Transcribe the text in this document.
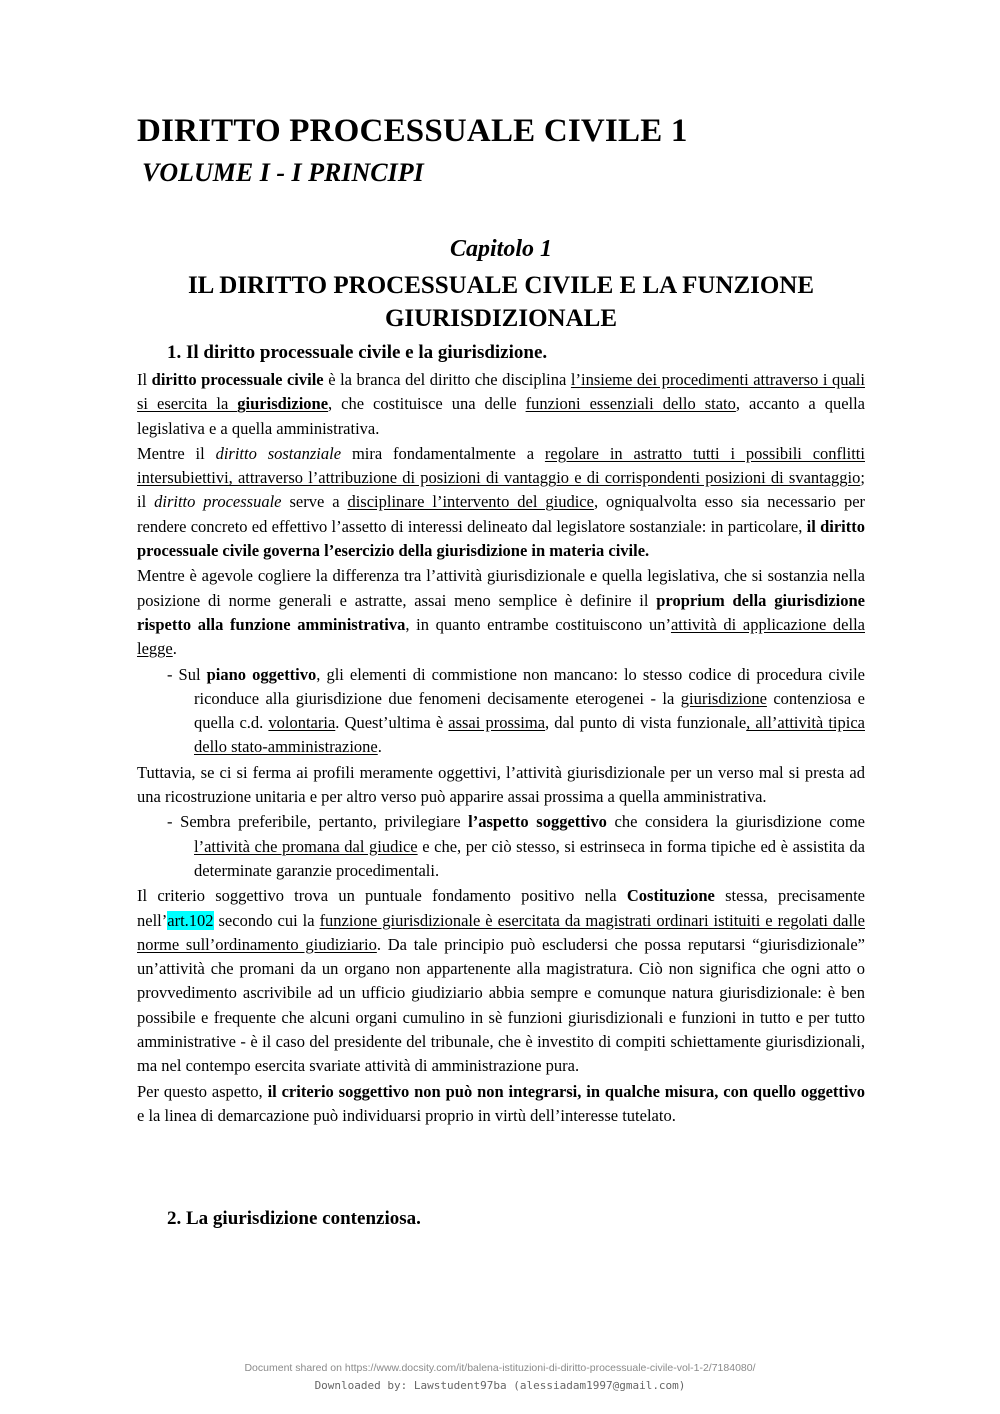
DIRITTO PROCESSUALE CIVILE 1
VOLUME I - I PRINCIPI
Capitolo 1
IL DIRITTO PROCESSUALE CIVILE E LA FUNZIONE GIURISDIZIONALE
1. Il diritto processuale civile e la giurisdizione.

Il diritto processuale civile è la branca del diritto che disciplina l’insieme dei procedimenti attraverso i quali si esercita la giurisdizione, che costituisce una delle funzioni essenziali dello stato, accanto a quella legislativa e a quella amministrativa.

Mentre il diritto sostanziale mira fondamentalmente a regolare in astratto tutti i possibili conflitti intersubiettivi, attraverso l’attribuzione di posizioni di vantaggio e di corrispondenti posizioni di svantaggio; il diritto processuale serve a disciplinare l’intervento del giudice, ogniqualvolta esso sia necessario per rendere concreto ed effettivo l’assetto di interessi delineato dal legislatore sostanziale: in particolare, il diritto processuale civile governa l’esercizio della giurisdizione in materia civile.

Mentre è agevole cogliere la differenza tra l’attività giurisdizionale e quella legislativa, che si sostanzia nella posizione di norme generali e astratte, assai meno semplice è definire il proprium della giurisdizione rispetto alla funzione amministrativa, in quanto entrambe costituiscono un’attività di applicazione della legge.

- Sul piano oggettivo, gli elementi di commistione non mancano: lo stesso codice di procedura civile riconduce alla giurisdizione due fenomeni decisamente eterogenei - la giurisdizione contenziosa e quella c.d. volontaria. Quest’ultima è assai prossima, dal punto di vista funzionale, all’attività tipica dello stato-amministrazione.

Tuttavia, se ci si ferma ai profili meramente oggettivi, l’attività giurisdizionale per un verso mal si presta ad una ricostruzione unitaria e per altro verso può apparire assai prossima a quella amministrativa.

- Sembra preferibile, pertanto, privilegiare l’aspetto soggettivo che considera la giurisdizione come l’attività che promana dal giudice e che, per ciò stesso, si estrinseca in forma tipiche ed è assistita da determinate garanzie procedimentali.

Il criterio soggettivo trova un puntuale fondamento positivo nella Costituzione stessa, precisamente nell’art.102 secondo cui la funzione giurisdizionale è esercitata da magistrati ordinari istituiti e regolati dalle norme sull’ordinamento giudiziario. Da tale principio può escludersi che possa reputarsi “giurisdizionale” un’attività che promani da un organo non appartenente alla magistratura. Ciò non significa che ogni atto o provvedimento ascrivibile ad un ufficio giudiziario abbia sempre e comunque natura giurisdizionale: è ben possibile e frequente che alcuni organi cumulino in sè funzioni giurisdizionali e funzioni in tutto e per tutto amministrative - è il caso del presidente del tribunale, che è investito di compiti schiettamente giurisdizionali, ma nel contempo esercita svariate attività di amministrazione pura.

Per questo aspetto, il criterio soggettivo non può non integrarsi, in qualche misura, con quello oggettivo e la linea di demarcazione può individuarsi proprio in virtù dell’interesse tutelato.

2. La giurisdizione contenziosa.
Document shared on https://www.docsity.com/it/balena-istituzioni-di-diritto-processuale-civile-vol-1-2/7184080/
Downloaded by: Lawstudent97ba (alessiadam1997@gmail.com)
